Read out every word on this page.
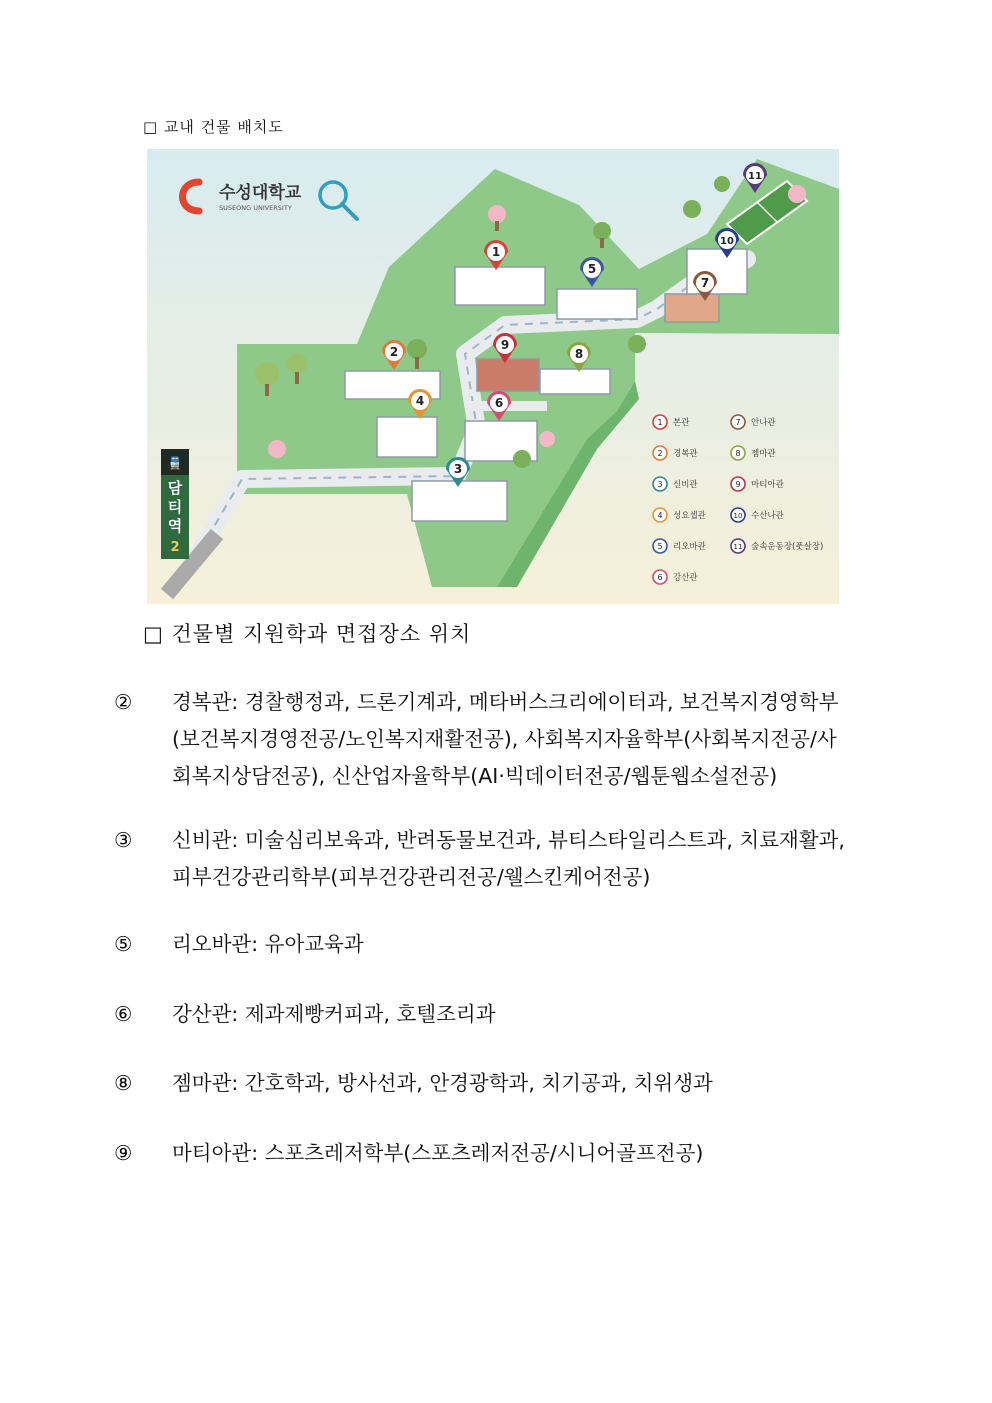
□ 교내 건물 배치도
수성대학교
SUSEONG UNIVERSITY
🚆
담
티
역
2
1
2
3
4
5
6
7
8
9
10
11
1 본관	7 안나관
2 경복관	8 젬마관
3 신비관	9 마티아관
4 성요셉관	10 수산나관
5 리오바관	11 숲속운동장(풋살장)
6 강산관
□ 건물별 지원학과 면접장소 위치
② 경복관: 경찰행정과, 드론기계과, 메타버스크리에이터과, 보건복지경영학부(보건복지경영전공/노인복지재활전공), 사회복지자율학부(사회복지전공/사회복지상담전공), 신산업자율학부(AI·빅데이터전공/웹툰웹소설전공)
③ 신비관: 미술심리보육과, 반려동물보건과, 뷰티스타일리스트과, 치료재활과, 피부건강관리학부(피부건강관리전공/웰스킨케어전공)
⑤ 리오바관: 유아교육과
⑥ 강산관: 제과제빵커피과, 호텔조리과
⑧ 젬마관: 간호학과, 방사선과, 안경광학과, 치기공과, 치위생과
⑨ 마티아관: 스포츠레저학부(스포츠레저전공/시니어골프전공)
